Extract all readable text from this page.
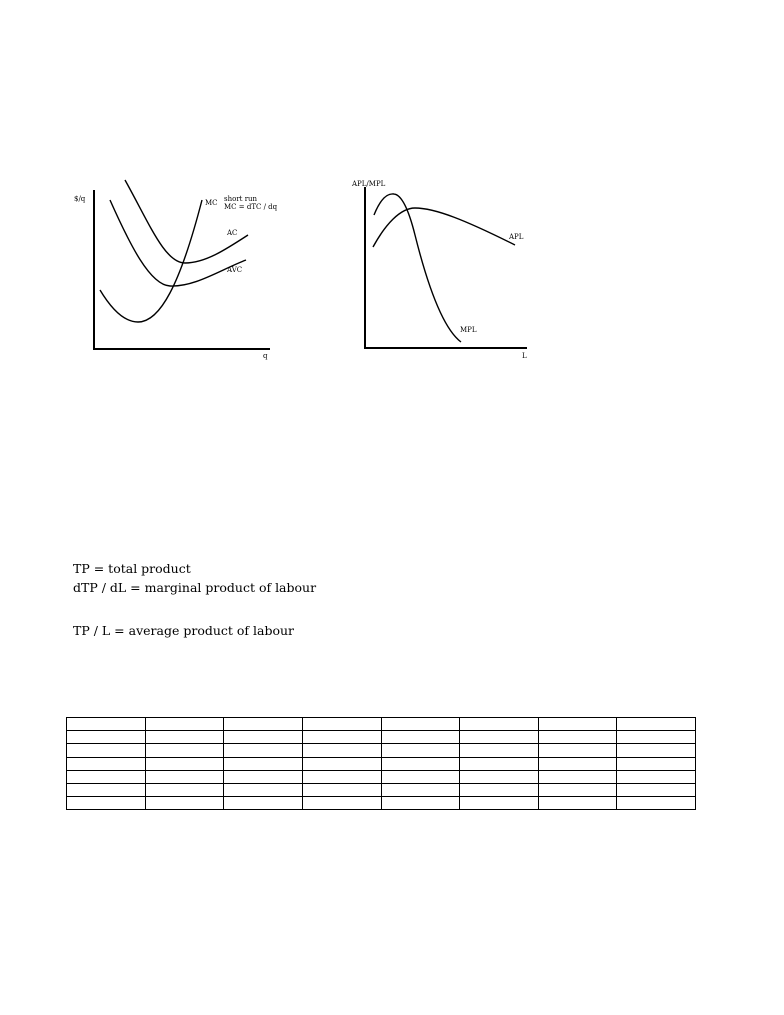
$/q
q
MC short run
MC = dTC / dq
AC
AVC
APL/MPL
L
APL
MPL
TP = total product
dTP / dL = marginal product of labour
TP / L = average product of labour
